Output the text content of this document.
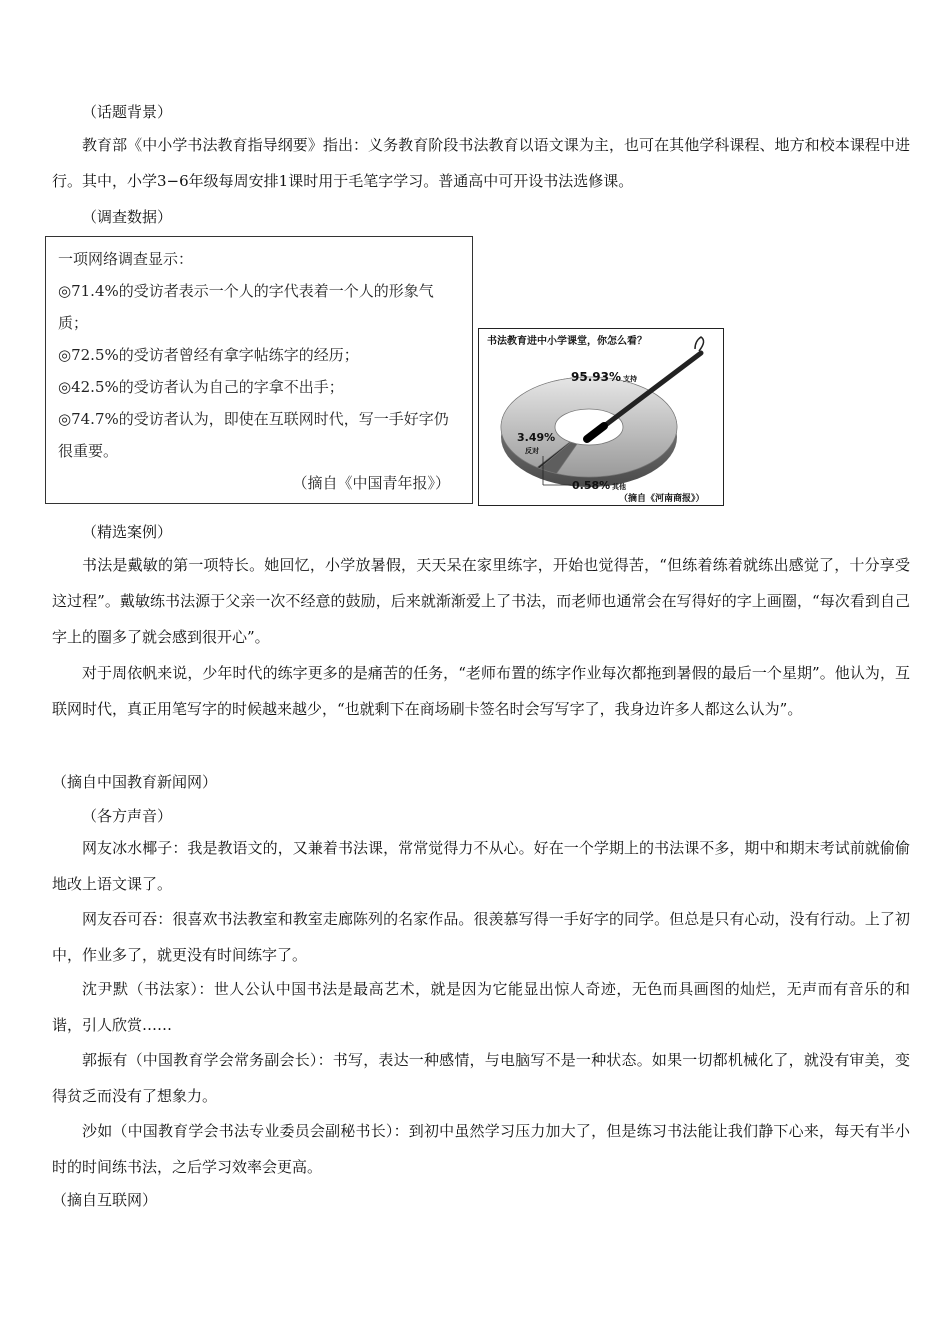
（话题背景）
教育部《中小学书法教育指导纲要》指出：义务教育阶段书法教育以语文课为主，也可在其他学科课程、地方和校本课程中进行。其中，小学3−6年级每周安排1课时用于毛笔字学习。普通高中可开设书法选修课。
（调查数据）
一项网络调查显示：
◎71.4%的受访者表示一个人的字代表着一个人的形象气质；
◎72.5%的受访者曾经有拿字帖练字的经历；
◎42.5%的受访者认为自己的字拿不出手；
◎74.7%的受访者认为，即使在互联网时代，写一手好字仍很重要。
（摘自《中国青年报》）
书法教育进中小学课堂，你怎么看？
95.93% 支持
3.49%
反对
0.58% 其他
（摘自《河南商报》）
（精选案例）
书法是戴敏的第一项特长。她回忆，小学放暑假，天天呆在家里练字，开始也觉得苦，“但练着练着就练出感觉了，十分享受这过程”。戴敏练书法源于父亲一次不经意的鼓励，后来就渐渐爱上了书法，而老师也通常会在写得好的字上画圈，“每次看到自己字上的圈多了就会感到很开心”。
对于周依帆来说，少年时代的练字更多的是痛苦的任务，“老师布置的练字作业每次都拖到暑假的最后一个星期”。他认为，互联网时代，真正用笔写字的时候越来越少，“也就剩下在商场刷卡签名时会写写字了，我身边许多人都这么认为”。
（摘自中国教育新闻网）
（各方声音）
网友冰水椰子：我是教语文的，又兼着书法课，常常觉得力不从心。好在一个学期上的书法课不多，期中和期末考试前就偷偷地改上语文课了。
网友吞可吞：很喜欢书法教室和教室走廊陈列的名家作品。很羡慕写得一手好字的同学。但总是只有心动，没有行动。上了初中，作业多了，就更没有时间练字了。
沈尹默（书法家）：世人公认中国书法是最高艺术，就是因为它能显出惊人奇迹，无色而具画图的灿烂，无声而有音乐的和谐，引人欣赏……
郭振有（中国教育学会常务副会长）：书写，表达一种感情，与电脑写不是一种状态。如果一切都机械化了，就没有审美，变得贫乏而没有了想象力。
沙如（中国教育学会书法专业委员会副秘书长）：到初中虽然学习压力加大了，但是练习书法能让我们静下心来，每天有半小时的时间练书法，之后学习效率会更高。
（摘自互联网）
